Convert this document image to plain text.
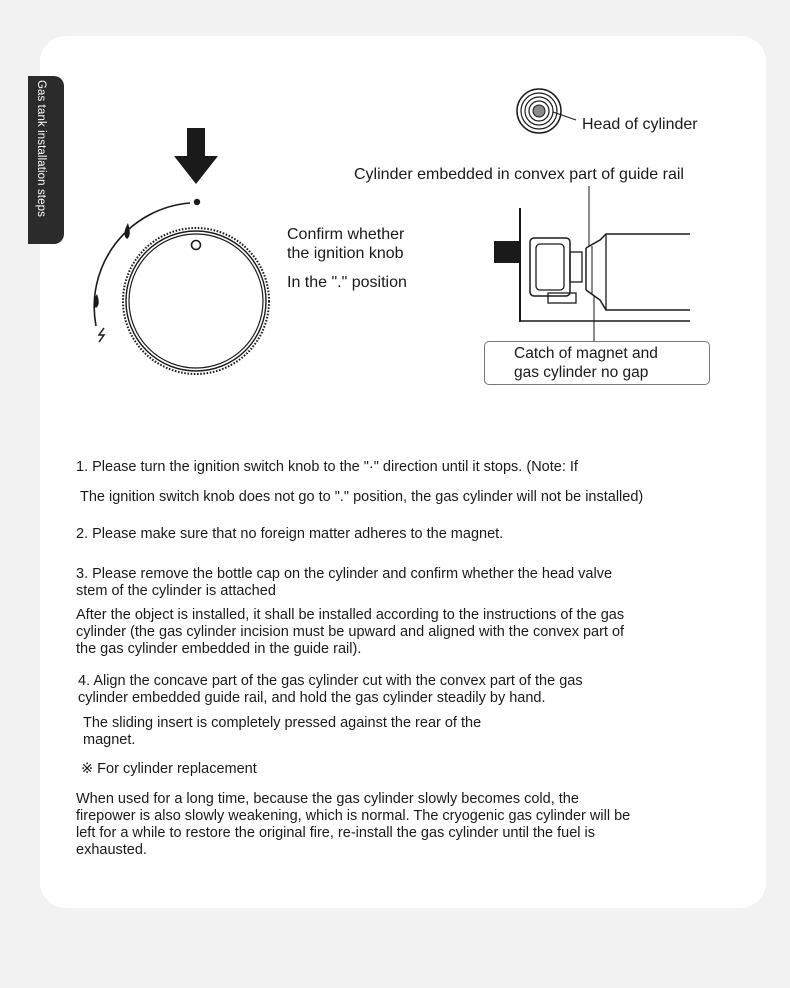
Gas tank installation steps	Head of cylinder
Cylinder embedded in convex part of guide rail
Confirm whether
the ignition knob
In the "." position
Catch of magnet and
gas cylinder no gap
1. Please turn the ignition switch knob to the "·" direction until it stops. (Note: If
The ignition switch knob does not go to "." position, the gas cylinder will not be installed)
2. Please make sure that no foreign matter adheres to the magnet.
3. Please remove the bottle cap on the cylinder and confirm whether the head valve
stem of the cylinder is attached
After the object is installed, it shall be installed according to the instructions of the gas
cylinder (the gas cylinder incision must be upward and aligned with the convex part of
the gas cylinder embedded in the guide rail).
4. Align the concave part of the gas cylinder cut with the convex part of the gas
cylinder embedded guide rail, and hold the gas cylinder steadily by hand.
The sliding insert is completely pressed against the rear of the
magnet.
※ For cylinder replacement
When used for a long time, because the gas cylinder slowly becomes cold, the
firepower is also slowly weakening, which is normal. The cryogenic gas cylinder will be
left for a while to restore the original fire, re-install the gas cylinder until the fuel is
exhausted.
